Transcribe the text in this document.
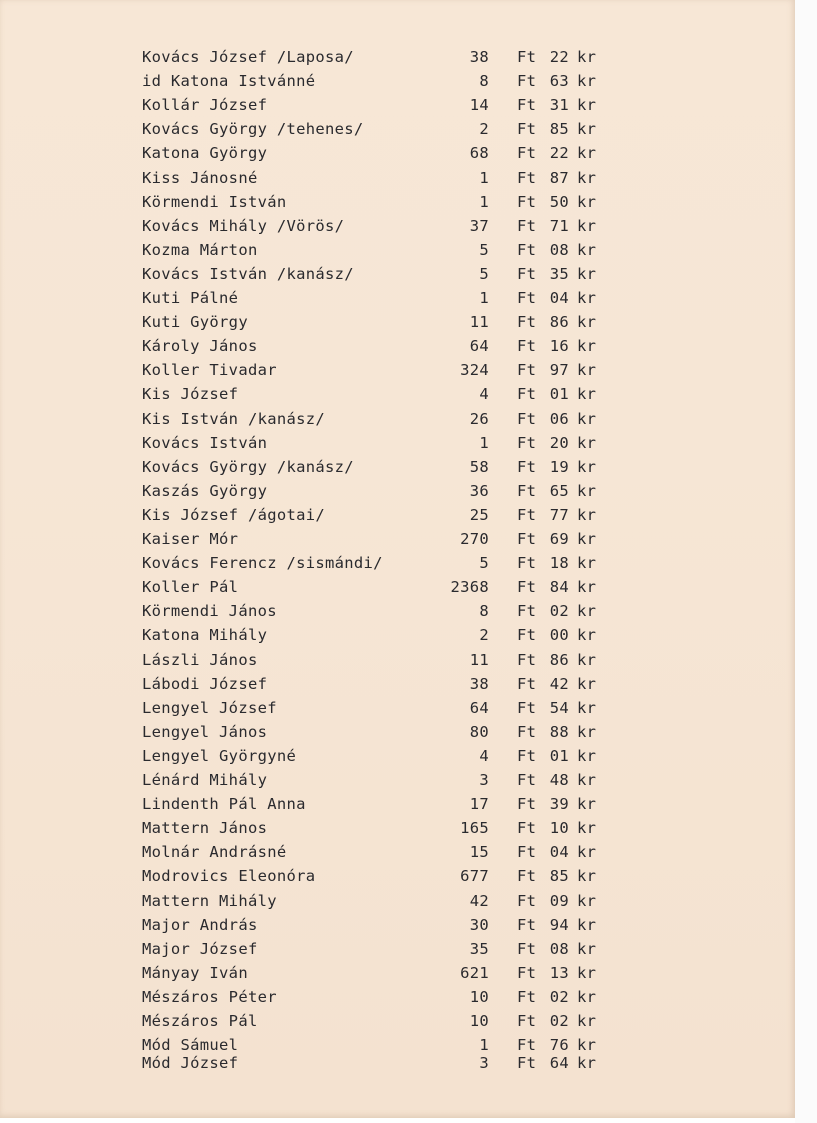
Kovács József /Laposa/	38 Ft 22 kr
id Katona Istvánné	8 Ft 63 kr
Kollár József	14 Ft 31 kr
Kovács György /tehenes/	2 Ft 85 kr
Katona György	68 Ft 22 kr
Kiss Jánosné	1 Ft 87 kr
Körmendi István	1 Ft 50 kr
Kovács Mihály /Vörös/	37 Ft 71 kr
Kozma Márton	5 Ft 08 kr
Kovács István /kanász/	5 Ft 35 kr
Kuti Pálné	1 Ft 04 kr
Kuti György	11 Ft 86 kr
Károly János	64 Ft 16 kr
Koller Tivadar	324 Ft 97 kr
Kis József	4 Ft 01 kr
Kis István /kanász/	26 Ft 06 kr
Kovács István	1 Ft 20 kr
Kovács György /kanász/	58 Ft 19 kr
Kaszás György	36 Ft 65 kr
Kis József /ágotai/	25 Ft 77 kr
Kaiser Mór	270 Ft 69 kr
Kovács Ferencz /sismándi/	5 Ft 18 kr
Koller Pál	2368 Ft 84 kr
Körmendi János	8 Ft 02 kr
Katona Mihály	2 Ft 00 kr
Lászli János	11 Ft 86 kr
Lábodi József	38 Ft 42 kr
Lengyel József	64 Ft 54 kr
Lengyel János	80 Ft 88 kr
Lengyel Györgyné	4 Ft 01 kr
Lénárd Mihály	3 Ft 48 kr
Lindenth Pál Anna	17 Ft 39 kr
Mattern János	165 Ft 10 kr
Molnár Andrásné	15 Ft 04 kr
Modrovics Eleonóra	677 Ft 85 kr
Mattern Mihály	42 Ft 09 kr
Major András	30 Ft 94 kr
Major József	35 Ft 08 kr
Mányay Iván	621 Ft 13 kr
Mészáros Péter	10 Ft 02 kr
Mészáros Pál	10 Ft 02 kr
Mód Sámuel	1 Ft 76 kr
Mód József	3 Ft 64 kr
